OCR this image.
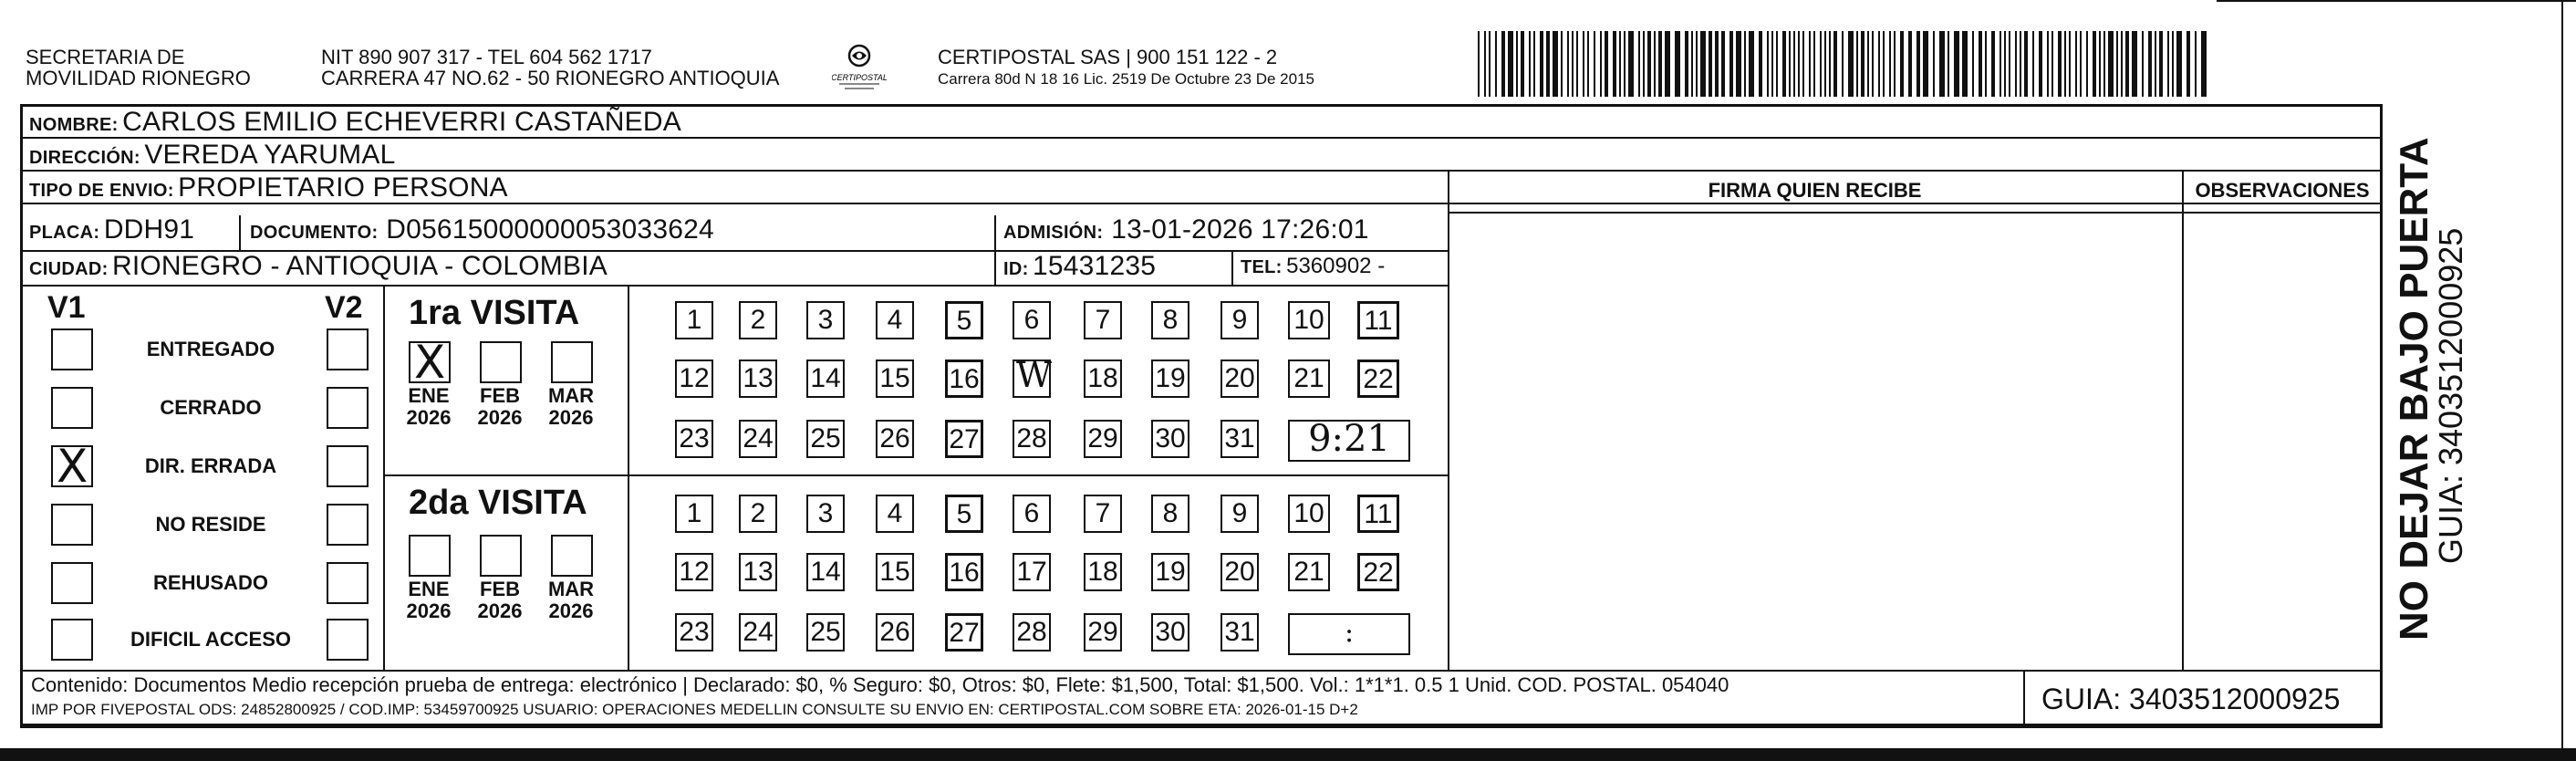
SECRETARIA DE
MOVILIDAD RIONEGRO
NIT 890 907 317 - TEL 604 562 1717
CARRERA 47 NO.62 - 50 RIONEGRO ANTIOQUIA	CERTIPOSTAL
CERTIPOSTAL SAS | 900 151 122 - 2
Carrera 80d N 18 16 Lic. 2519 De Octubre 23 De 2015
NOMBRE: CARLOS EMILIO ECHEVERRI CASTAÑEDA
DIRECCIÓN: VEREDA YARUMAL
TIPO DE ENVIO: PROPIETARIO PERSONA	FIRMA QUIEN RECIBE	OBSERVACIONES
PLACA: DDH91	DOCUMENTO: D05615000000053033624	ADMISIÓN: 13-01-2026 17:26:01
CIUDAD: RIONEGRO - ANTIOQUIA - COLOMBIA	ID: 15431235	TEL: 5360902 -
V1	V2
ENTREGADO
CERRADO
X	DIR. ERRADA
NO RESIDE
REHUSADO
DIFICIL ACCESO
1ra VISITA
2da VISITA
X
ENE
2026
FEB
2026
MAR
2026
1	2	3	4	5	6	7	8	9	10 11
12 13 14 15 16 W 18 19 20 21 22
23 24 25 26 27 28 29 30 31	9:21
ENE
2026
FEB
2026
MAR
2026
1	2	3	4	5	6	7	8	9	10 11
12 13 14 15 16 17 18 19 20 21 22
23 24 25 26 27 28 29 30 31	:
Contenido: Documentos Medio recepción prueba de entrega: electrónico | Declarado: $0, % Seguro: $0, Otros: $0, Flete: $1,500, Total: $1,500. Vol.: 1*1*1. 0.5 1 Unid. COD. POSTAL. 054040
IMP POR FIVEPOSTAL ODS: 24852800925 / COD.IMP: 53459700925 USUARIO: OPERACIONES MEDELLIN CONSULTE SU ENVIO EN: CERTIPOSTAL.COM SOBRE ETA: 2026-01-15 D+2	GUIA: 3403512000925
NO DEJAR BAJO PUERTA
GUIA: 3403512000925
